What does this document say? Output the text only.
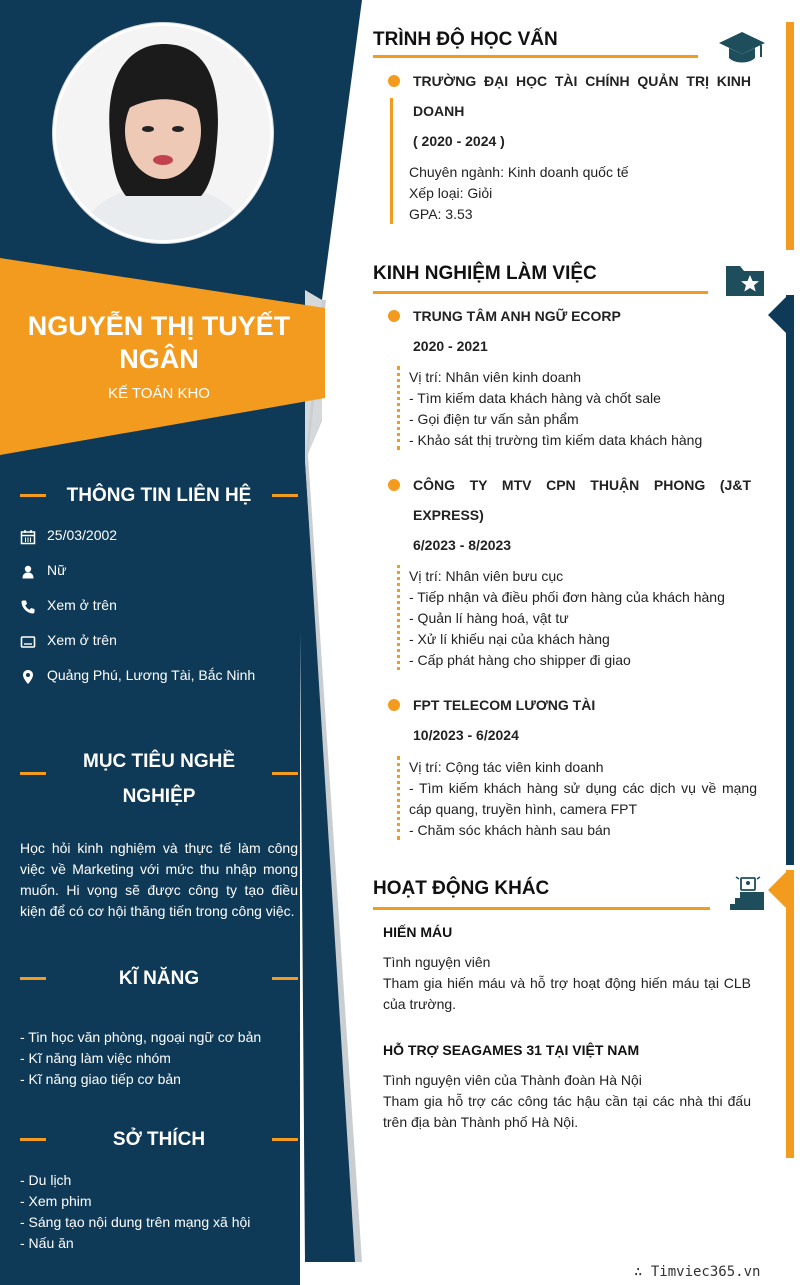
NGUYỄN THỊ TUYẾT NGÂN
KẾ TOÁN KHO
THÔNG TIN LIÊN HỆ
25/03/2002
Nữ
Xem ở trên
Xem ở trên
Quảng Phú, Lương Tài, Bắc Ninh
MỤC TIÊU NGHỀ
NGHIỆP
Học hỏi kinh nghiệm và thực tế làm công việc về Marketing với mức thu nhập mong muốn. Hi vọng sẽ được công ty tạo điều kiện để có cơ hội thăng tiến trong công việc.
KĨ NĂNG
- Tin học văn phòng, ngoại ngữ cơ bản
- Kĩ năng làm việc nhóm
- Kĩ năng giao tiếp cơ bản
SỞ THÍCH
- Du lịch
- Xem phim
- Sáng tạo nội dung trên mạng xã hội
- Nấu ăn
TRÌNH ĐỘ HỌC VẤN
TRƯỜNG ĐẠI HỌC TÀI CHÍNH QUẢN TRỊ KINH
DOANH
( 2020 - 2024 )
Chuyên ngành: Kinh doanh quốc tế
Xếp loại: Giỏi
GPA: 3.53
KINH NGHIỆM LÀM VIỆC
TRUNG TÂM ANH NGỮ ECORP
2020 - 2021
Vị trí: Nhân viên kinh doanh
- Tìm kiếm data khách hàng và chốt sale
- Gọi điện tư vấn sản phẩm
- Khảo sát thị trường tìm kiếm data khách hàng
CÔNG TY MTV CPN THUẬN PHONG (J&T
EXPRESS)
6/2023 - 8/2023
Vị trí: Nhân viên bưu cục
- Tiếp nhận và điều phối đơn hàng của khách hàng
- Quản lí hàng hoá, vật tư
- Xử lí khiếu nại của khách hàng
- Cấp phát hàng cho shipper đi giao
FPT TELECOM LƯƠNG TÀI
10/2023 - 6/2024
Vị trí: Cộng tác viên kinh doanh
- Tìm kiếm khách hàng sử dụng các dịch vụ về mạng
cáp quang, truyền hình, camera FPT
- Chăm sóc khách hành sau bán
HOẠT ĐỘNG KHÁC
HIẾN MÁU
Tình nguyện viên
Tham gia hiến máu và hỗ trợ hoạt động hiến máu tại CLB của trường.
HỖ TRỢ SEAGAMES 31 TẠI VIỆT NAM
Tình nguyện viên của Thành đoàn Hà Nội
Tham gia hỗ trợ các công tác hậu cần tại các nhà thi đấu trên địa bàn Thành phố Hà Nội.
∴ Timviec365.vn
